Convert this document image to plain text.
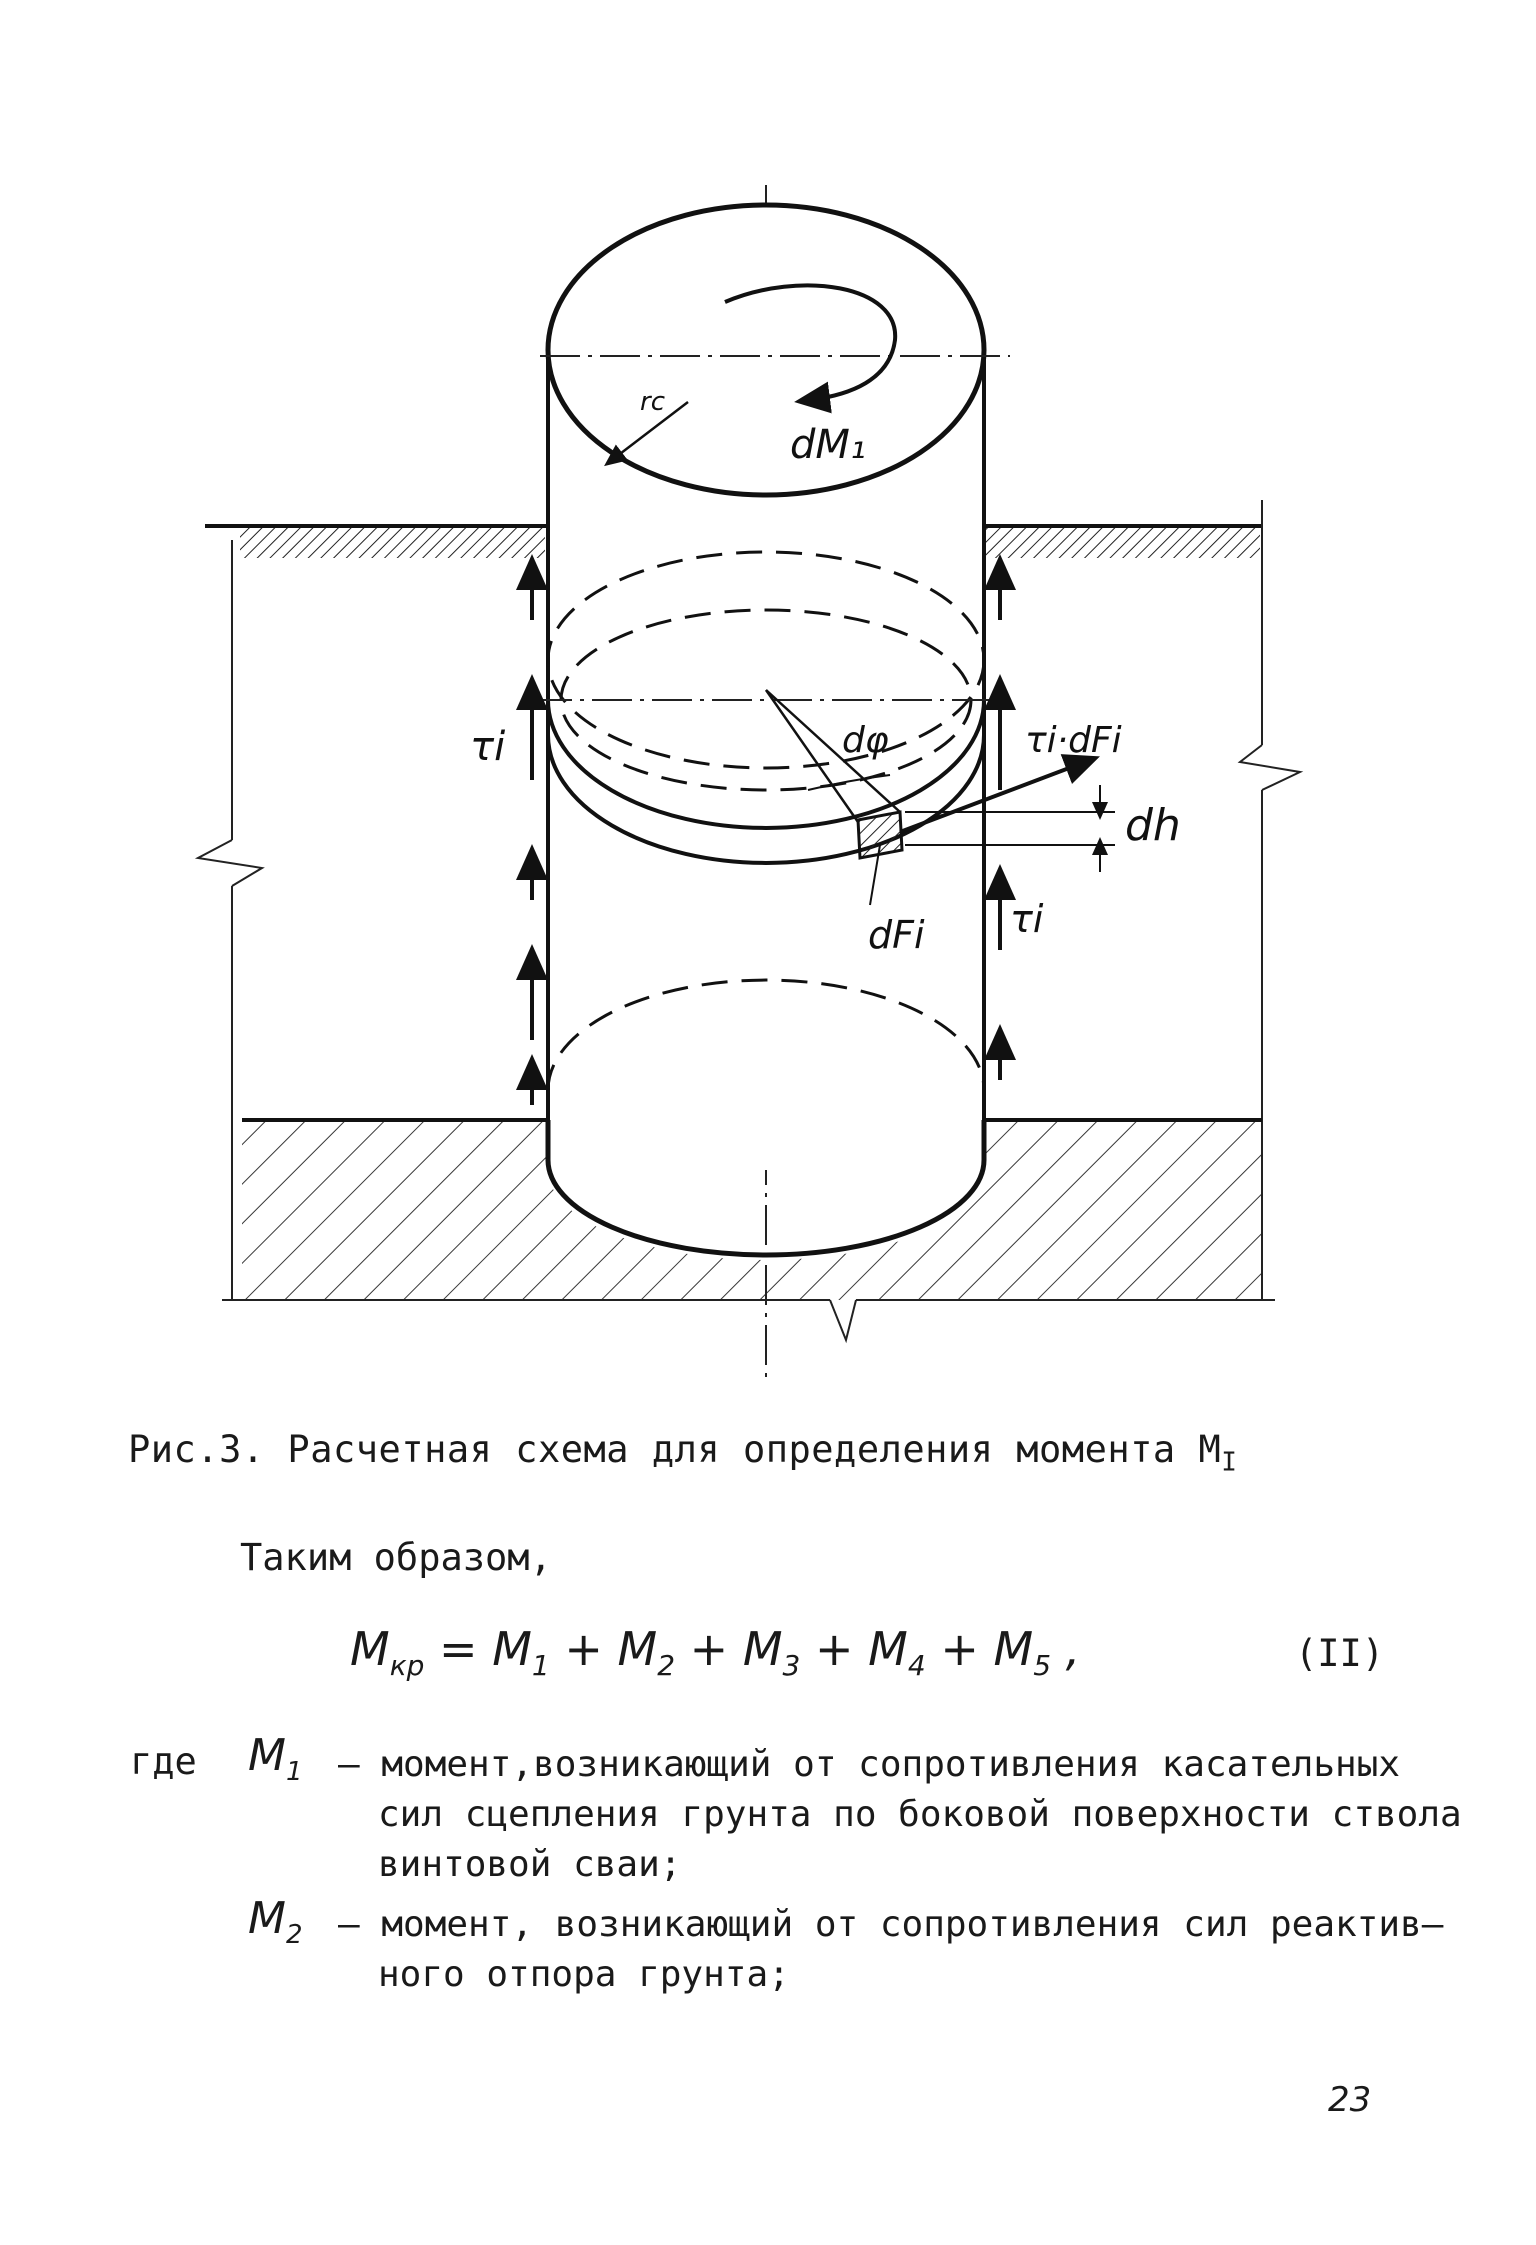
rc
dM₁
τi	dφ	τi·dFi
dh
dFi τi
Рис.3. Расчетная схема для определения момента $M_I$
Таким образом,
$M_{кр} = M_1 + M_2 + M_3 + M_4 + M_5$ ,	(II)
где $M_1$ – момент,возникающий от сопротивления касательных
сил сцепления грунта по боковой поверхности ствола
винтовой сваи;
$M_2$ – момент, возникающий от сопротивления сил реактив–
ного отпора грунта;
23
